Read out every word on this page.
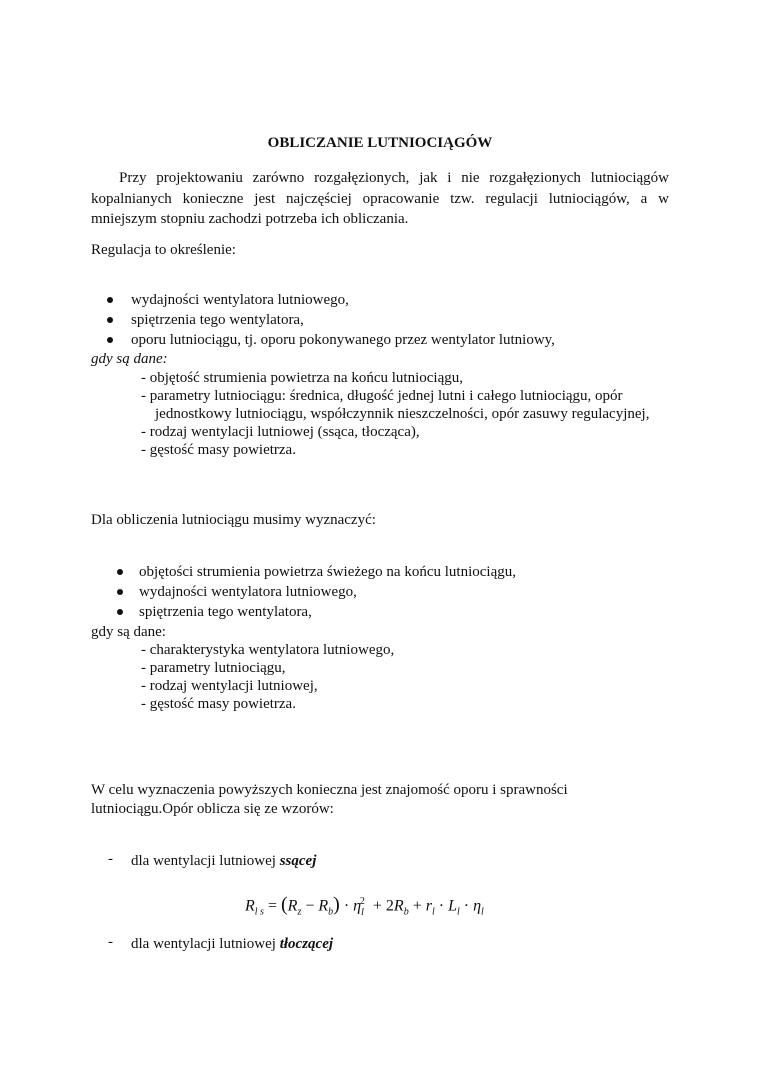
OBLICZANIE LUTNIOCIĄGÓW
Przy projektowaniu zarówno rozgałęzionych, jak i nie rozgałęzionych lutniociągów kopalnianych konieczne jest najczęściej opracowanie tzw. regulacji lutniociągów, a w mniejszym stopniu zachodzi potrzeba ich obliczania.
Regulacja to określenie:
wydajności wentylatora lutniowego,
spiętrzenia tego wentylatora,
oporu lutniociągu, tj. oporu pokonywanego przez wentylator lutniowy,
gdy są dane:
- objętość strumienia powietrza na końcu lutniociągu,
- parametry lutniociągu: średnica, długość jednej lutni i całego lutniociągu, opór
jednostkowy lutniociągu, współczynnik nieszczelności, opór zasuwy regulacyjnej,
- rodzaj wentylacji lutniowej (ssąca, tłocząca),
- gęstość masy powietrza.
Dla obliczenia lutniociągu musimy wyznaczyć:
objętości strumienia powietrza świeżego na końcu lutniociągu,
wydajności wentylatora lutniowego,
spiętrzenia tego wentylatora,
gdy są dane:
- charakterystyka wentylatora lutniowego,
- parametry lutniociągu,
- rodzaj wentylacji lutniowej,
- gęstość masy powietrza.
W celu wyznaczenia powyższych konieczna jest znajomość oporu i sprawności
lutniociągu.Opór oblicza się ze wzorów:
- dla wentylacji lutniowej ssącej
$R_{l s} = (R_z - R_b) \cdot \eta_l^2 + 2R_b + r_l \cdot L_l \cdot \eta_l$
- dla wentylacji lutniowej tłoczącej
